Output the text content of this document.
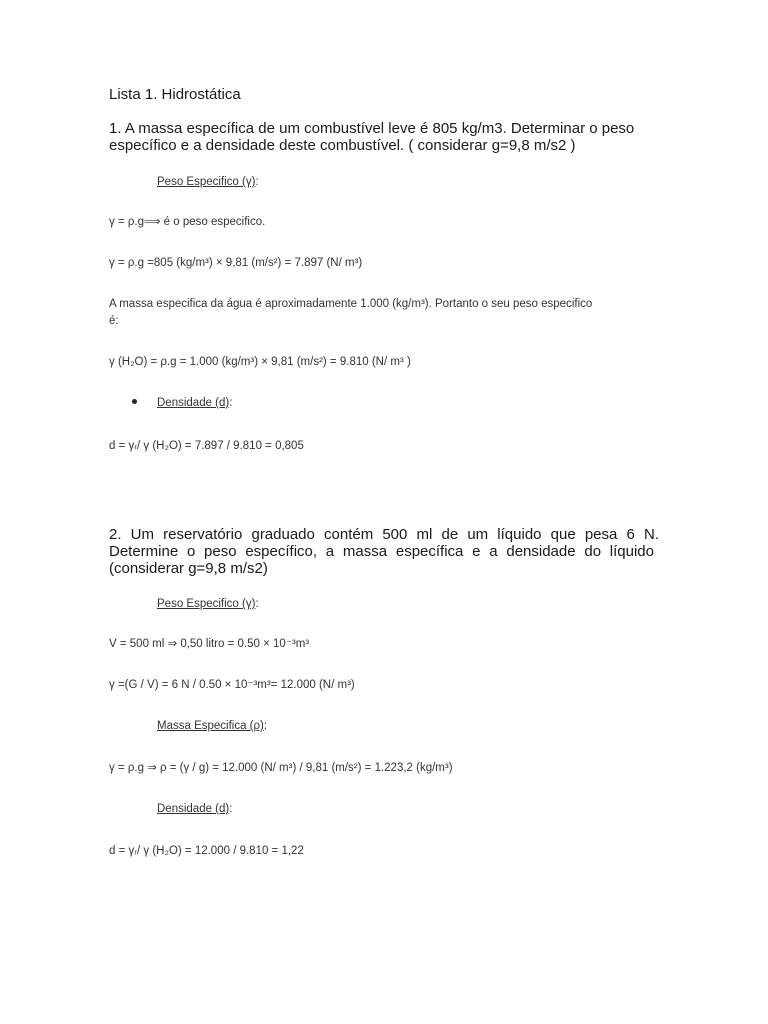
Lista 1. Hidrostática
1. A massa específica de um combustível leve é 805 kg/m3. Determinar o peso
específico e a densidade deste combustível. ( considerar g=9,8 m/s2 )
Peso Especifico (γ):
γ = ρ.g⟹ é o peso especifico.
γ = ρ.g =805 (kg/m³) × 9,81 (m/s²) = 7.897 (N/ m³)
A massa especifica da água é aproximadamente 1.000 (kg/m³). Portanto o seu peso especifico
é:
γ (H₂O) = ρ.g = 1.000 (kg/m³) × 9,81 (m/s²) = 9.810 (N/ m³ )
Densidade (d):
d = γᵣ/ γ (H₂O) = 7.897 / 9.810 = 0,805
2. Um reservatório graduado contém 500 ml de um líquido que pesa 6 N.
Determine o peso específico, a massa específica e a densidade do líquido
(considerar g=9,8 m/s2)
Peso Especifico (γ):
V = 500 ml ⇒ 0,50 litro = 0.50 × 10⁻³m³
γ =(G / V) = 6 N / 0.50 × 10⁻³m³= 12.000 (N/ m³)
Massa Especifica (ρ):
γ = ρ.g ⇒ ρ = (γ / g) = 12.000 (N/ m³) / 9,81 (m/s²) = 1.223,2 (kg/m³)
Densidade (d):
d = γᵣ/ γ (H₂O) = 12.000 / 9.810 = 1,22
